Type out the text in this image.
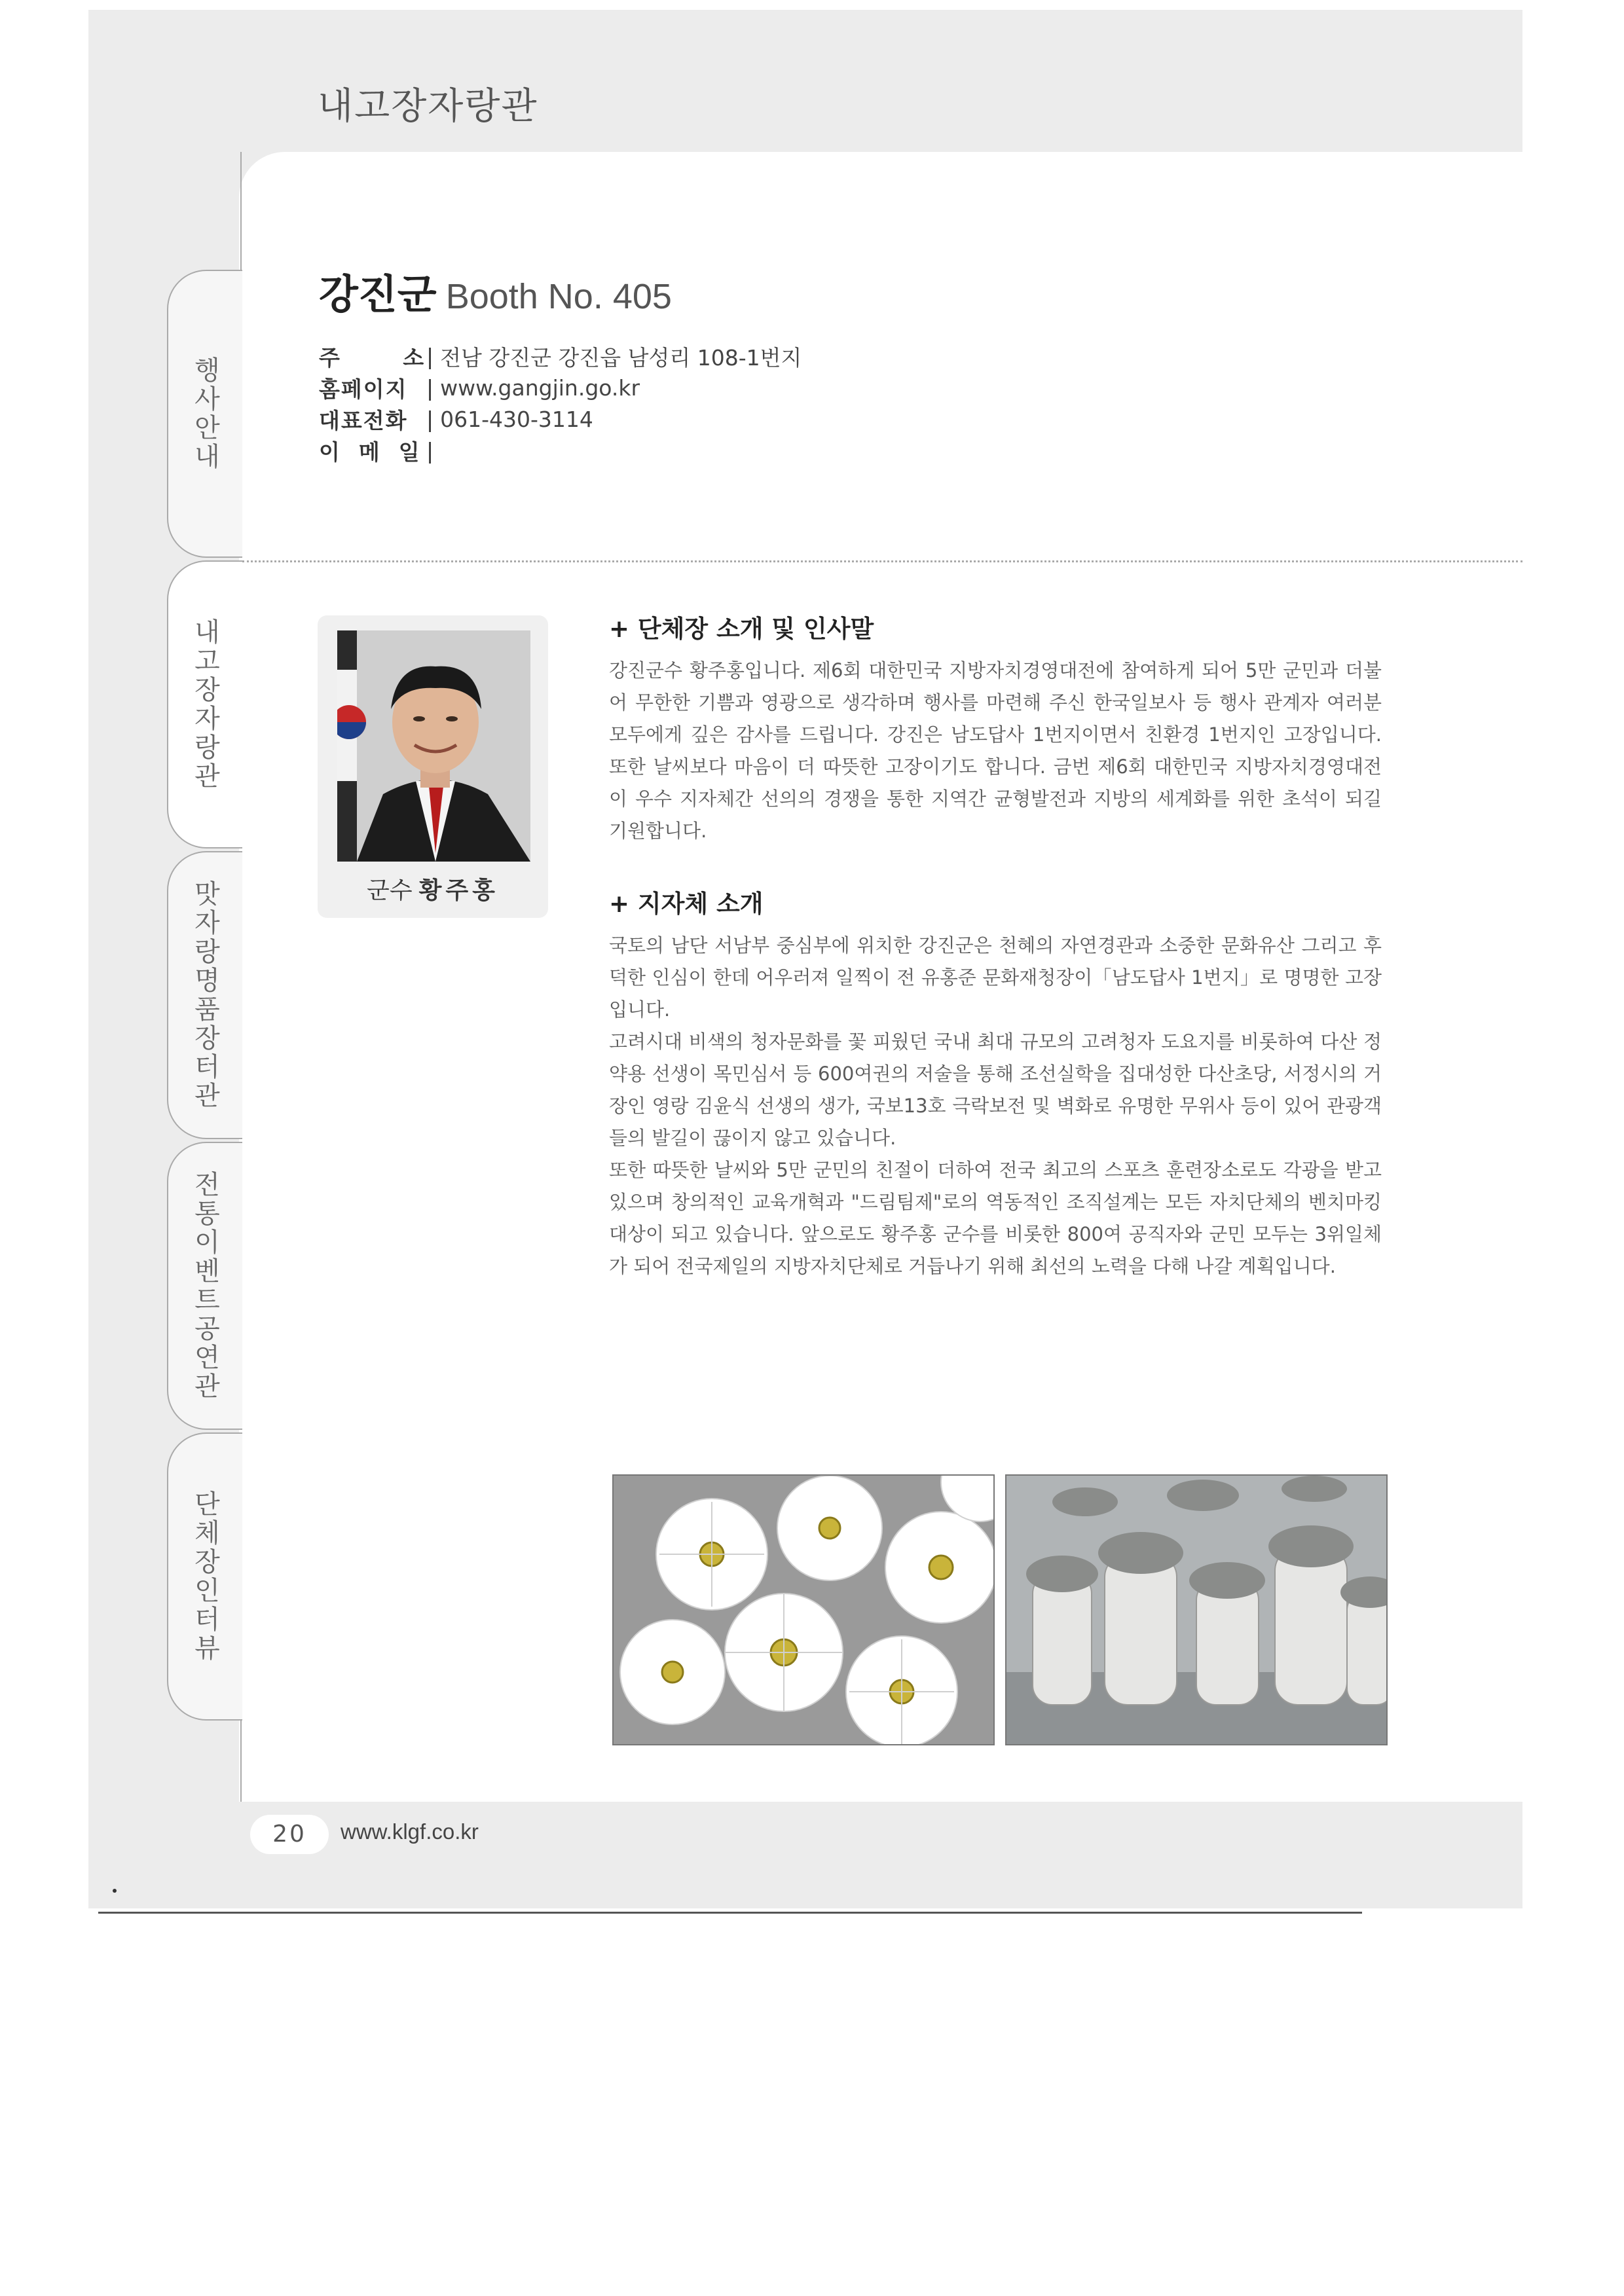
내고장자랑관
행사안내
내고장자랑관
맛자랑명품장터관
전통이벤트공연관
단체장인터뷰
강진군 Booth No. 405
주       소 | 전남 강진군 강진읍 남성리 108-1번지
홈페이지 | www.gangjin.go.kr
대표전화 | 061-430-3114
이  메  일 |
군수 황주홍
+ 단체장 소개 및 인사말

강진군수 황주홍입니다. 제6회 대한민국 지방자치경영대전에 참여하게 되어 5만 군민과 더불어 무한한 기쁨과 영광으로 생각하며 행사를 마련해 주신 한국일보사 등 행사 관계자 여러분 모두에게 깊은 감사를 드립니다. 강진은 남도답사 1번지이면서 친환경 1번지인 고장입니다. 또한 날씨보다 마음이 더 따뜻한 고장이기도 합니다. 금번 제6회 대한민국 지방자치경영대전이 우수 지자체간 선의의 경쟁을 통한 지역간 균형발전과 지방의 세계화를 위한 초석이 되길 기원합니다.

+ 지자체 소개

국토의 남단 서남부 중심부에 위치한 강진군은 천혜의 자연경관과 소중한 문화유산 그리고 후덕한 인심이 한데 어우러져 일찍이 전 유홍준 문화재청장이「남도답사 1번지」로 명명한 고장입니다.

고려시대 비색의 청자문화를 꽃 피웠던 국내 최대 규모의 고려청자 도요지를 비롯하여 다산 정약용 선생이 목민심서 등 600여권의 저술을 통해 조선실학을 집대성한 다산초당, 서정시의 거장인 영랑 김윤식 선생의 생가, 국보13호 극락보전 및 벽화로 유명한 무위사 등이 있어 관광객들의 발길이 끊이지 않고 있습니다.

또한 따뜻한 날씨와 5만 군민의 친절이 더하여 전국 최고의 스포츠 훈련장소로도 각광을 받고 있으며 창의적인 교육개혁과 "드림팀제"로의 역동적인 조직설계는 모든 자치단체의 벤치마킹 대상이 되고 있습니다. 앞으로도 황주홍 군수를 비롯한 800여 공직자와 군민 모두는 3위일체가 되어 전국제일의 지방자치단체로 거듭나기 위해 최선의 노력을 다해 나갈 계획입니다.

20	www.klgf.co.kr
